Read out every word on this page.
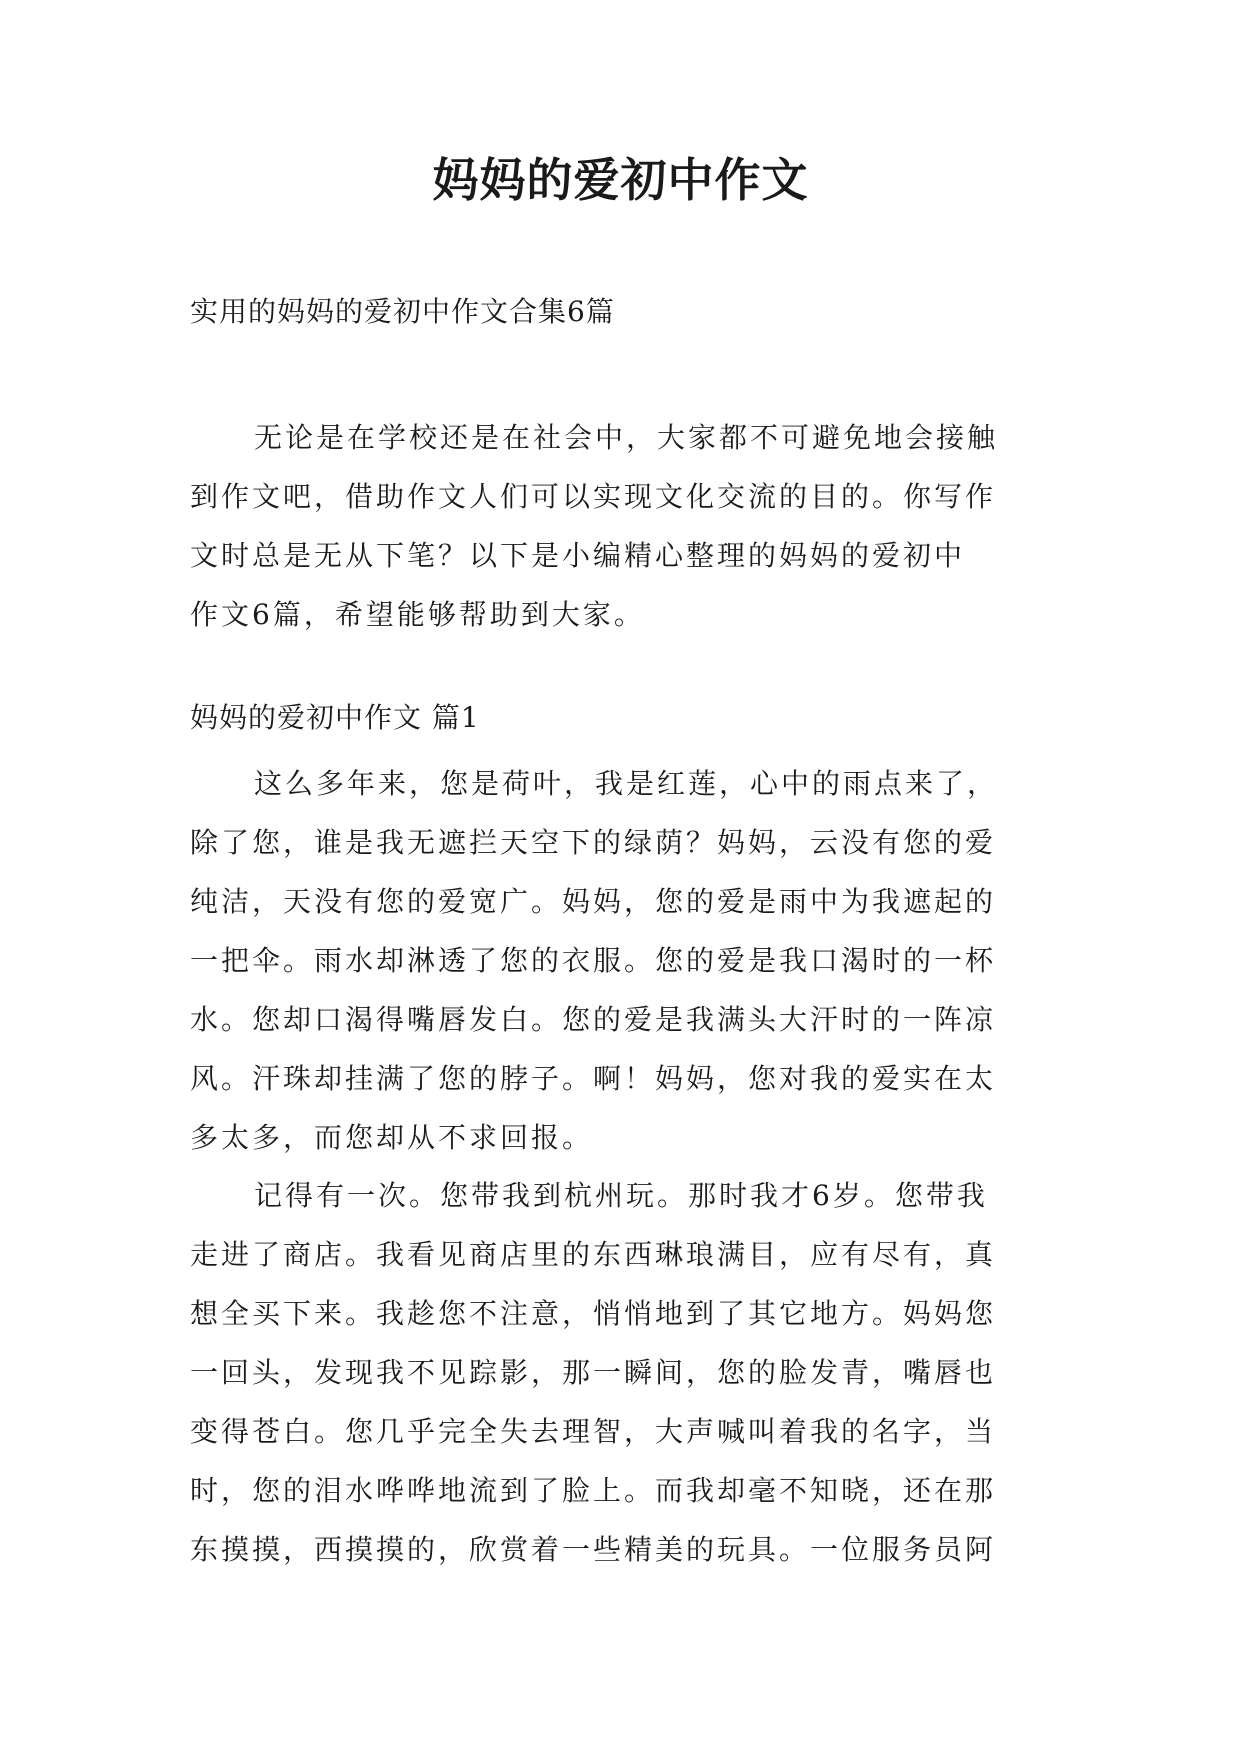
妈妈的爱初中作文
实用的妈妈的爱初中作文合集6篇
无论是在学校还是在社会中，大家都不可避免地会接触
到作文吧，借助作文人们可以实现文化交流的目的。你写作
文时总是无从下笔？以下是小编精心整理的妈妈的爱初中
作文6篇，希望能够帮助到大家。
妈妈的爱初中作文 篇1
这么多年来，您是荷叶，我是红莲，心中的雨点来了，
除了您，谁是我无遮拦天空下的绿荫？妈妈，云没有您的爱
纯洁，天没有您的爱宽广。妈妈，您的爱是雨中为我遮起的
一把伞。雨水却淋透了您的衣服。您的爱是我口渴时的一杯
水。您却口渴得嘴唇发白。您的爱是我满头大汗时的一阵凉
风。汗珠却挂满了您的脖子。啊！妈妈，您对我的爱实在太
多太多，而您却从不求回报。
记得有一次。您带我到杭州玩。那时我才6岁。您带我
走进了商店。我看见商店里的东西琳琅满目，应有尽有，真
想全买下来。我趁您不注意，悄悄地到了其它地方。妈妈您
一回头，发现我不见踪影，那一瞬间，您的脸发青，嘴唇也
变得苍白。您几乎完全失去理智，大声喊叫着我的名字，当
时，您的泪水哗哗地流到了脸上。而我却毫不知晓，还在那
东摸摸，西摸摸的，欣赏着一些精美的玩具。一位服务员阿
